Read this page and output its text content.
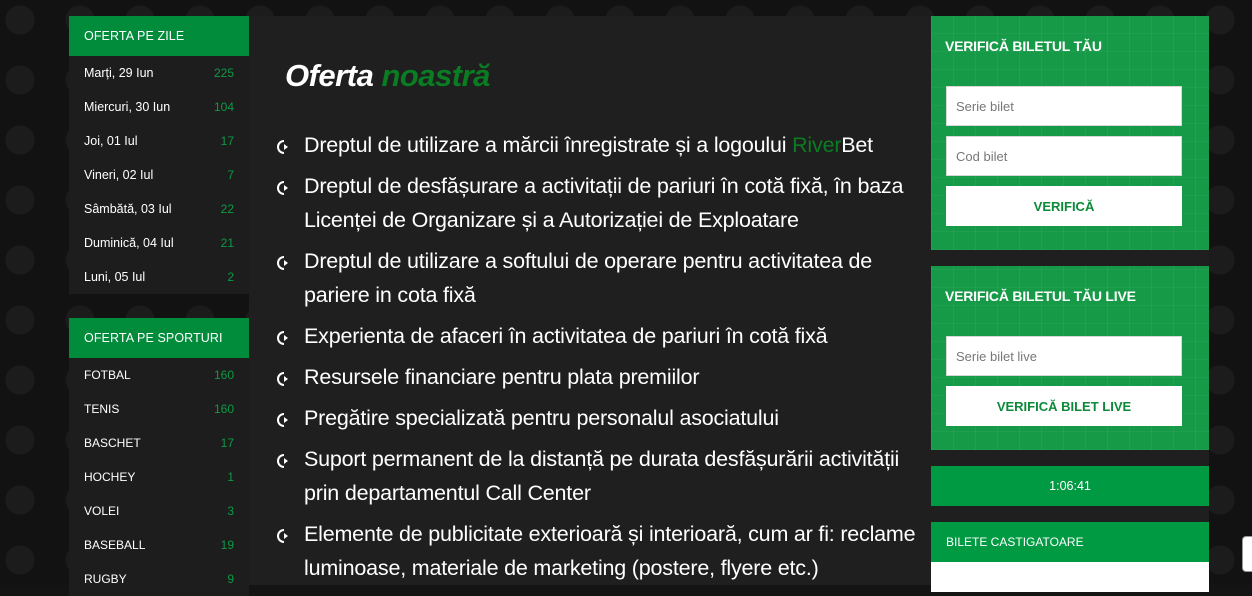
OFERTA PE ZILE
Marți, 29 Iun	225
Miercuri, 30 Iun	104
Joi, 01 Iul	17
Vineri, 02 Iul	7
Sâmbătă, 03 Iul	22
Duminică, 04 Iul	21
Luni, 05 Iul	2
OFERTA PE SPORTURI
FOTBAL	160
TENIS	160
BASCHET	17
HOCHEY	1
VOLEI	3
BASEBALL	19
RUGBY	9
Oferta noastră
Dreptul de utilizare a mărcii înregistrate și a logoului RiverBet
Dreptul de desfășurare a activitații de pariuri în cotă fixă, în baza Licenței de Organizare și a Autorizației de Exploatare
Dreptul de utilizare a softului de operare pentru activitatea de pariere in cota fixă
Experienta de afaceri în activitatea de pariuri în cotă fixă
Resursele financiare pentru plata premiilor
Pregătire specializată pentru personalul asociatului
Suport permanent de la distanță pe durata desfășurării activității prin departamentul Call Center
Elemente de publicitate exterioară și interioară, cum ar fi: reclame luminoase, materiale de marketing (postere, flyere etc.)
VERIFICĂ BILETUL TĂU
Serie bilet
Cod bilet
VERIFICĂ
VERIFICĂ BILETUL TĂU LIVE
Serie bilet live
VERIFICĂ BILET LIVE
1:06:41
BILETE CASTIGATOARE
